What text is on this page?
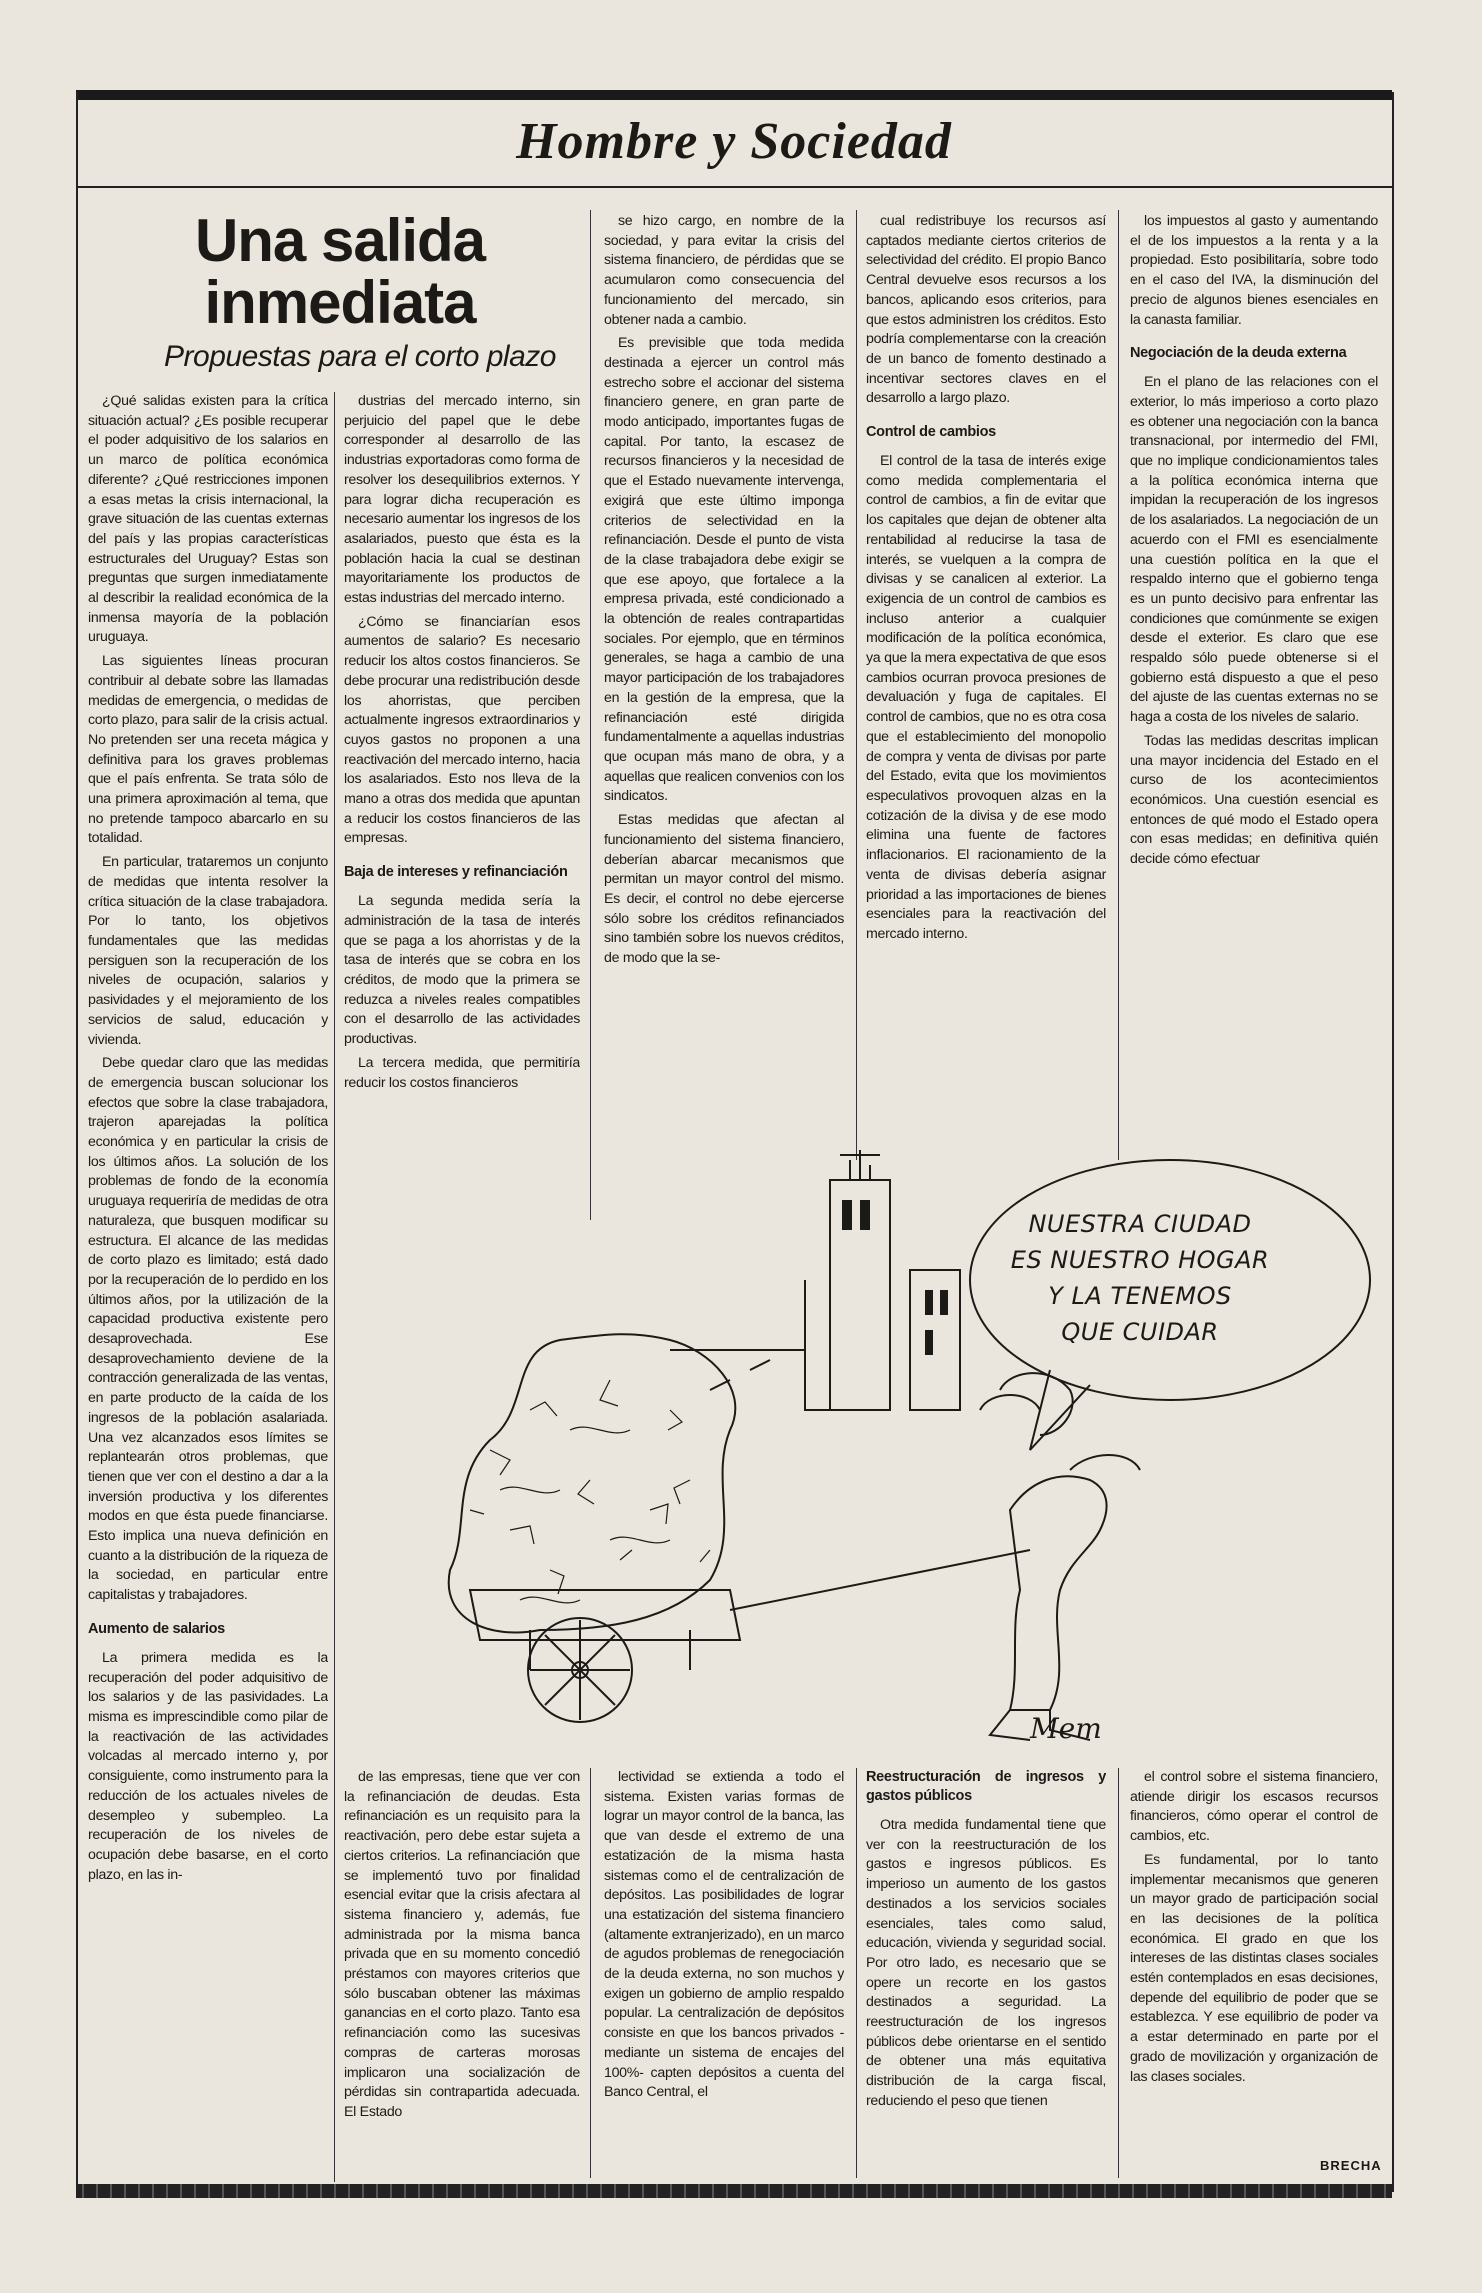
Hombre y Sociedad
Una salida
inmediata
Propuestas para el corto plazo

¿Qué salidas existen para la crítica situación actual? ¿Es posible recuperar el poder adquisitivo de los salarios en un marco de política económica diferente? ¿Qué restricciones imponen a esas metas la crisis internacional, la grave situación de las cuentas externas del país y las propias características estructurales del Uruguay? Estas son preguntas que surgen inmediatamente al describir la realidad económica de la inmensa mayoría de la población uruguaya.

Las siguientes líneas procuran contribuir al debate sobre las llamadas medidas de emergencia, o medidas de corto plazo, para salir de la crisis actual. No pretenden ser una receta mágica y definitiva para los graves problemas que el país enfrenta. Se trata sólo de una primera aproximación al tema, que no pretende tampoco abarcarlo en su totalidad.

En particular, trataremos un conjunto de medidas que intenta resolver la crítica situación de la clase trabajadora. Por lo tanto, los objetivos fundamentales que las medidas persiguen son la recuperación de los niveles de ocupación, salarios y pasividades y el mejoramiento de los servicios de salud, educación y vivienda.

Debe quedar claro que las medidas de emergencia buscan solucionar los efectos que sobre la clase trabajadora, trajeron aparejadas la política económica y en particular la crisis de los últimos años. La solución de los problemas de fondo de la economía uruguaya requeriría de medidas de otra naturaleza, que busquen modificar su estructura. El alcance de las medidas de corto plazo es limitado; está dado por la recuperación de lo perdido en los últimos años, por la utilización de la capacidad productiva existente pero desaprovechada. Ese desaprovechamiento deviene de la contracción generalizada de las ventas, en parte producto de la caída de los ingresos de la población asalariada. Una vez alcanzados esos límites se replantearán otros problemas, que tienen que ver con el destino a dar a la inversión productiva y los diferentes modos en que ésta puede financiarse. Esto implica una nueva definición en cuanto a la distribución de la riqueza de la sociedad, en particular entre capitalistas y trabajadores.

Aumento de salarios

La primera medida es la recuperación del poder adquisitivo de los salarios y de las pasividades. La misma es imprescindible como pilar de la reactivación de las actividades volcadas al mercado interno y, por consiguiente, como instrumento para la reducción de los actuales niveles de desempleo y subempleo. La recuperación de los niveles de ocupación debe basarse, en el corto plazo, en las in-

dustrias del mercado interno, sin perjuicio del papel que le debe corresponder al desarrollo de las industrias exportadoras como forma de resolver los desequilibrios externos. Y para lograr dicha recuperación es necesario aumentar los ingresos de los asalariados, puesto que ésta es la población hacia la cual se destinan mayoritariamente los productos de estas industrias del mercado interno.

¿Cómo se financiarían esos aumentos de salario? Es necesario reducir los altos costos financieros. Se debe procurar una redistribución desde los ahorristas, que perciben actualmente ingresos extraordinarios y cuyos gastos no proponen a una reactivación del mercado interno, hacia los asalariados. Esto nos lleva de la mano a otras dos medida que apuntan a reducir los costos financieros de las empresas.

Baja de intereses y refinanciación

La segunda medida sería la administración de la tasa de interés que se paga a los ahorristas y de la tasa de interés que se cobra en los créditos, de modo que la primera se reduzca a niveles reales compatibles con el desarrollo de las actividades productivas.

La tercera medida, que permitiría reducir los costos financieros

se hizo cargo, en nombre de la sociedad, y para evitar la crisis del sistema financiero, de pérdidas que se acumularon como consecuencia del funcionamiento del mercado, sin obtener nada a cambio.

Es previsible que toda medida destinada a ejercer un control más estrecho sobre el accionar del sistema financiero genere, en gran parte de modo anticipado, importantes fugas de capital. Por tanto, la escasez de recursos financieros y la necesidad de que el Estado nuevamente intervenga, exigirá que este último imponga criterios de selectividad en la refinanciación. Desde el punto de vista de la clase trabajadora debe exigir se que ese apoyo, que fortalece a la empresa privada, esté condicionado a la obtención de reales contrapartidas sociales. Por ejemplo, que en términos generales, se haga a cambio de una mayor participación de los trabajadores en la gestión de la empresa, que la refinanciación esté dirigida fundamentalmente a aquellas industrias que ocupan más mano de obra, y a aquellas que realicen convenios con los sindicatos.

Estas medidas que afectan al funcionamiento del sistema financiero, deberían abarcar mecanismos que permitan un mayor control del mismo. Es decir, el control no debe ejercerse sólo sobre los créditos refinanciados sino también sobre los nuevos créditos, de modo que la se-

cual redistribuye los recursos así captados mediante ciertos criterios de selectividad del crédito. El propio Banco Central devuelve esos recursos a los bancos, aplicando esos criterios, para que estos administren los créditos. Esto podría complementarse con la creación de un banco de fomento destinado a incentivar sectores claves en el desarrollo a largo plazo.

Control de cambios

El control de la tasa de interés exige como medida complementaria el control de cambios, a fin de evitar que los capitales que dejan de obtener alta rentabilidad al reducirse la tasa de interés, se vuelquen a la compra de divisas y se canalicen al exterior. La exigencia de un control de cambios es incluso anterior a cualquier modificación de la política económica, ya que la mera expectativa de que esos cambios ocurran provoca presiones de devaluación y fuga de capitales. El control de cambios, que no es otra cosa que el establecimiento del monopolio de compra y venta de divisas por parte del Estado, evita que los movimientos especulativos provoquen alzas en la cotización de la divisa y de ese modo elimina una fuente de factores inflacionarios. El racionamiento de la venta de divisas debería asignar prioridad a las importaciones de bienes esenciales para la reactivación del mercado interno.

los impuestos al gasto y aumentando el de los impuestos a la renta y a la propiedad. Esto posibilitaría, sobre todo en el caso del IVA, la disminución del precio de algunos bienes esenciales en la canasta familiar.

Negociación de la deuda externa

En el plano de las relaciones con el exterior, lo más imperioso a corto plazo es obtener una negociación con la banca transnacional, por intermedio del FMI, que no implique condicionamientos tales a la política económica interna que impidan la recuperación de los ingresos de los asalariados. La negociación de un acuerdo con el FMI es esencialmente una cuestión política en la que el respaldo interno que el gobierno tenga es un punto decisivo para enfrentar las condiciones que comúnmente se exigen desde el exterior. Es claro que ese respaldo sólo puede obtenerse si el gobierno está dispuesto a que el peso del ajuste de las cuentas externas no se haga a costa de los niveles de salario.

Todas las medidas descritas implican una mayor incidencia del Estado en el curso de los acontecimientos económicos. Una cuestión esencial es entonces de qué modo el Estado opera con esas medidas; en definitiva quién decide cómo efectuar

NUESTRA CIUDAD
ES NUESTRO HOGAR
Y LA TENEMOS
QUE CUIDAR
Mem

de las empresas, tiene que ver con la refinanciación de deudas. Esta refinanciación es un requisito para la reactivación, pero debe estar sujeta a ciertos criterios. La refinanciación que se implementó tuvo por finalidad esencial evitar que la crisis afectara al sistema financiero y, además, fue administrada por la misma banca privada que en su momento concedió préstamos con mayores criterios que sólo buscaban obtener las máximas ganancias en el corto plazo. Tanto esa refinanciación como las sucesivas compras de carteras morosas implicaron una socialización de pérdidas sin contrapartida adecuada. El Estado

lectividad se extienda a todo el sistema. Existen varias formas de lograr un mayor control de la banca, las que van desde el extremo de una estatización de la misma hasta sistemas como el de centralización de depósitos. Las posibilidades de lograr una estatización del sistema financiero (altamente extranjerizado), en un marco de agudos problemas de renegociación de la deuda externa, no son muchos y exigen un gobierno de amplio respaldo popular. La centralización de depósitos consiste en que los bancos privados -mediante un sistema de encajes del 100%- capten depósitos a cuenta del Banco Central, el

Reestructuración de ingresos y gastos públicos

Otra medida fundamental tiene que ver con la reestructuración de los gastos e ingresos públicos. Es imperioso un aumento de los gastos destinados a los servicios sociales esenciales, tales como salud, educación, vivienda y seguridad social. Por otro lado, es necesario que se opere un recorte en los gastos destinados a seguridad. La reestructuración de los ingresos públicos debe orientarse en el sentido de obtener una más equitativa distribución de la carga fiscal, reduciendo el peso que tienen

el control sobre el sistema financiero, atiende dirigir los escasos recursos financieros, cómo operar el control de cambios, etc.

Es fundamental, por lo tanto implementar mecanismos que generen un mayor grado de participación social en las decisiones de la política económica. El grado en que los intereses de las distintas clases sociales estén contemplados en esas decisiones, depende del equilibrio de poder que se establezca. Y ese equilibrio de poder va a estar determinado en parte por el grado de movilización y organización de las clases sociales.

BRECHA
